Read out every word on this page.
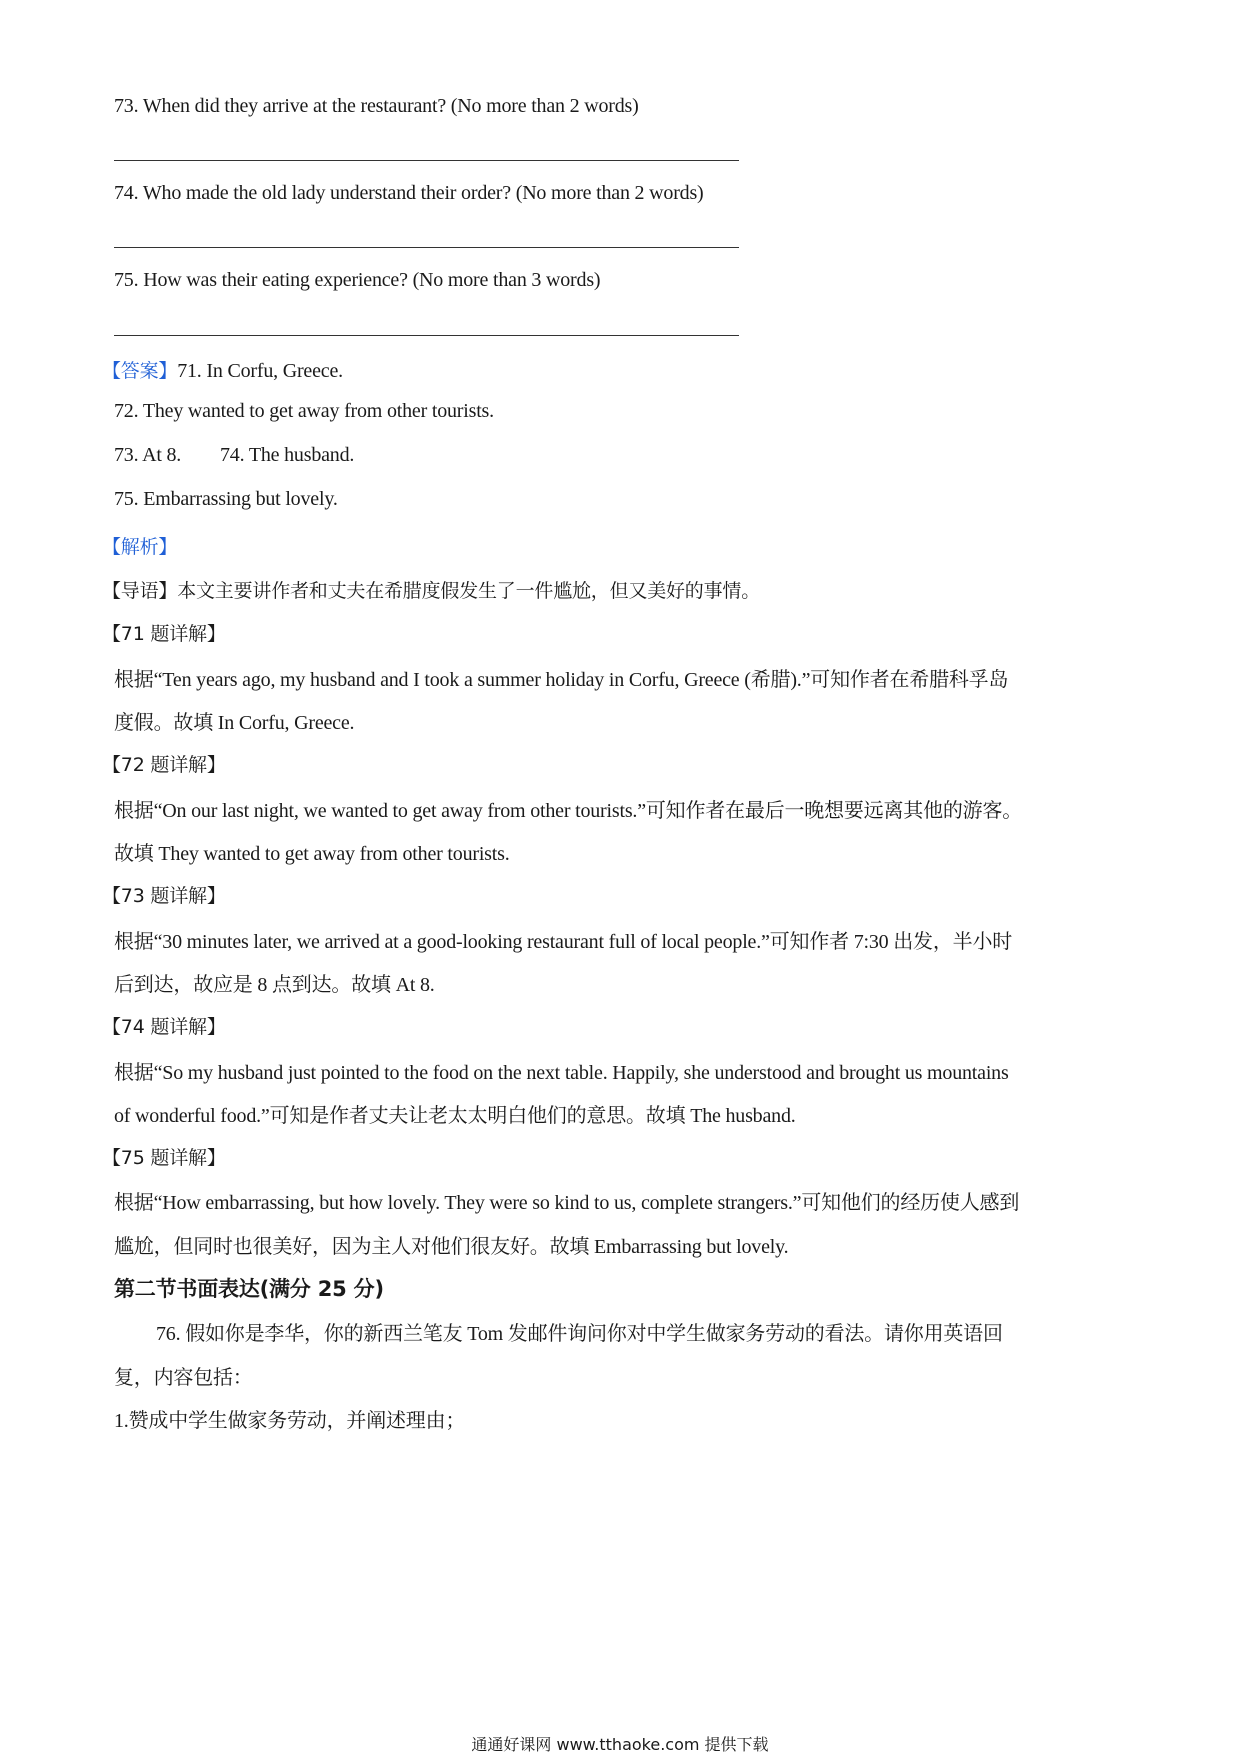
73. When did they arrive at the restaurant? (No more than 2 words)
74. Who made the old lady understand their order? (No more than 2 words)
75. How was their eating experience? (No more than 3 words)
【答案】71. In Corfu, Greece.
72. They wanted to get away from other tourists.
73. At 8. 74. The husband.
75. Embarrassing but lovely.
【解析】
【导语】本文主要讲作者和丈夫在希腊度假发生了一件尴尬，但又美好的事情。
【71 题详解】
根据“Ten years ago, my husband and I took a summer holiday in Corfu, Greece (希腊).”可知作者在希腊科孚岛
度假。故填 In Corfu, Greece.
【72 题详解】
根据“On our last night, we wanted to get away from other tourists.”可知作者在最后一晚想要远离其他的游客。
故填 They wanted to get away from other tourists.
【73 题详解】
根据“30 minutes later, we arrived at a good-looking restaurant full of local people.”可知作者 7:30 出发，半小时
后到达，故应是 8 点到达。故填 At 8.
【74 题详解】
根据“So my husband just pointed to the food on the next table. Happily, she understood and brought us mountains
of wonderful food.”可知是作者丈夫让老太太明白他们的意思。故填 The husband.
【75 题详解】
根据“How embarrassing, but how lovely. They were so kind to us, complete strangers.”可知他们的经历使人感到
尴尬，但同时也很美好，因为主人对他们很友好。故填 Embarrassing but lovely.
第二节书面表达(满分 25 分)
76. 假如你是李华，你的新西兰笔友 Tom 发邮件询问你对中学生做家务劳动的看法。请你用英语回
复，内容包括：
1.赞成中学生做家务劳动，并阐述理由；
通通好课网 www.tthaoke.com 提供下载
